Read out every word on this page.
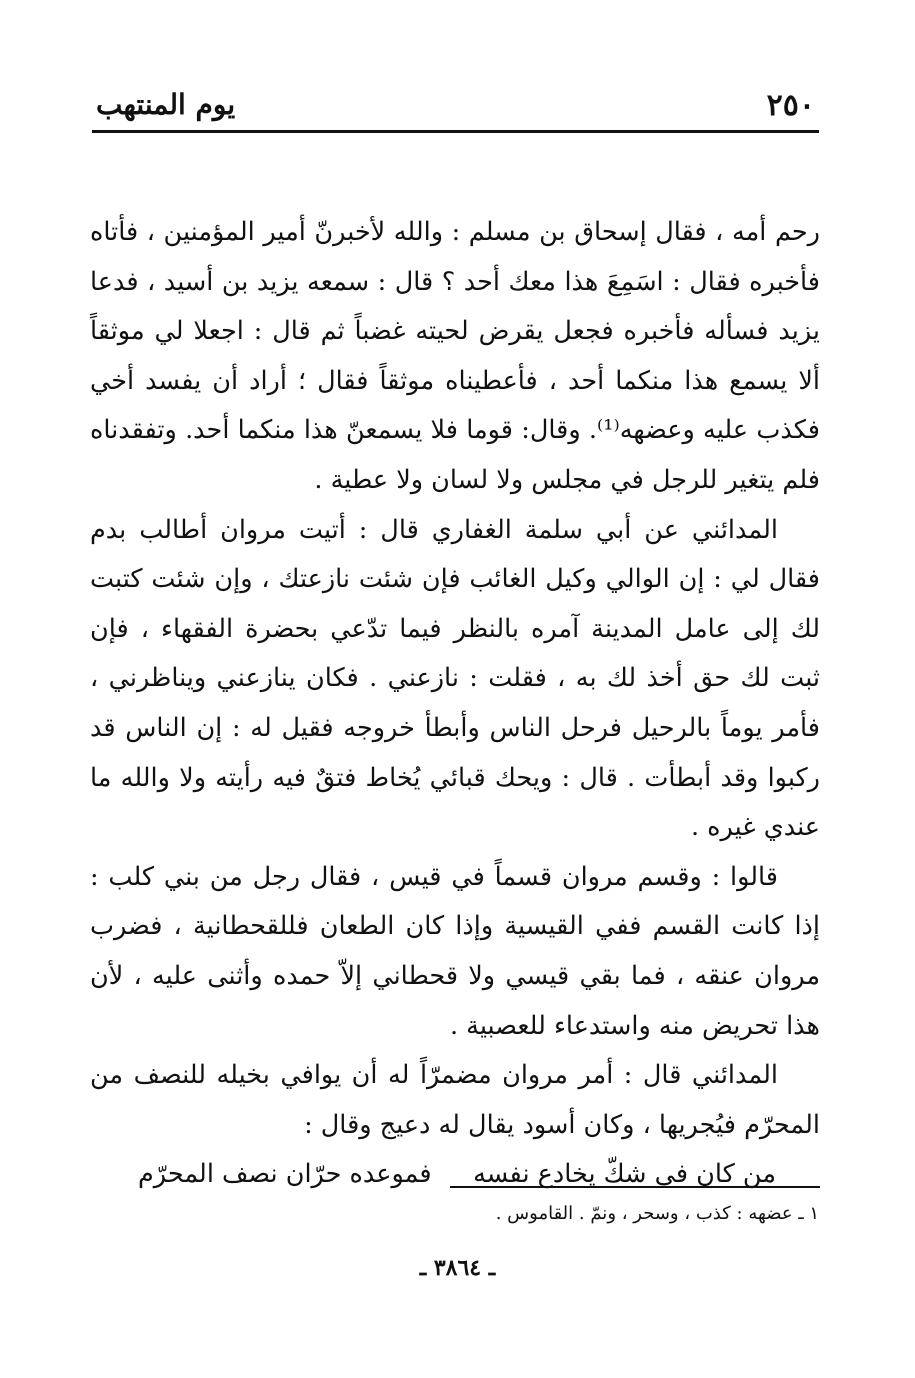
٢٥٠
يوم المنتهب

رحم أمه ، فقال إسحاق بن مسلم : والله لأخبرنّ أمير المؤمنين ، فأتاه فأخبره فقال : اسَمِعَ هذا معك أحد ؟ قال : سمعه يزيد بن أسيد ، فدعا يزيد فسأله فأخبره فجعل يقرض لحيته غضباً ثم قال : اجعلا لي موثقاً ألا يسمع هذا منكما أحد ، فأعطيناه موثقاً فقال ؛ أراد أن يفسد أخي فكذب عليه وعضهه⁽¹⁾. وقال: قوما فلا يسمعنّ هذا منكما أحد. وتفقدناه فلم يتغير للرجل في مجلس ولا لسان ولا عطية .

المدائني عن أبي سلمة الغفاري قال : أتيت مروان أطالب بدم فقال لي : إن الوالي وكيل الغائب فإن شئت نازعتك ، وإن شئت كتبت لك إلى عامل المدينة آمره بالنظر فيما تدّعي بحضرة الفقهاء ، فإن ثبت لك حق أخذ لك به ، فقلت : نازعني . فكان ينازعني ويناظرني ، فأمر يوماً بالرحيل فرحل الناس وأبطأ خروجه فقيل له : إن الناس قد ركبوا وقد أبطأت . قال : ويحك قبائي يُخاط فتقٌ فيه رأيته ولا والله ما عندي غيره .

قالوا : وقسم مروان قسماً في قيس ، فقال رجل من بني كلب : إذا كانت القسم ففي القيسية وإذا كان الطعان فللقحطانية ، فضرب مروان عنقه ، فما بقي قيسي ولا قحطاني إلاّ حمده وأثنى عليه ، لأن هذا تحريض منه واستدعاء للعصبية .

المدائني قال : أمر مروان مضمرّاً له أن يوافي بخيله للنصف من المحرّم فيُجريها ، وكان أسود يقال له دعيج وقال :

من كان في شكّ يخادع نفسه
فموعده حرّان نصف المحرّم
١ ـ عضهه : كذب ، وسحر ، ونمّ . القاموس .
ـ ٣٨٦٤ ـ
